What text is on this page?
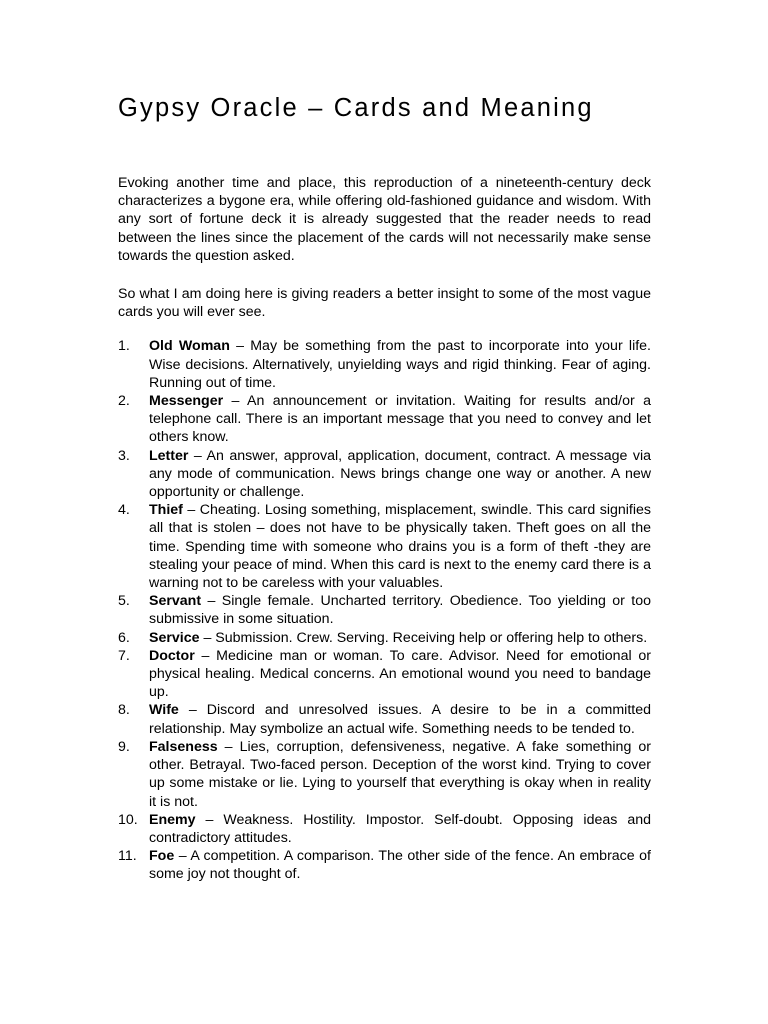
Gypsy Oracle – Cards and Meaning

Evoking another time and place, this reproduction of a nineteenth-century deck characterizes a bygone era, while offering old-fashioned guidance and wisdom. With any sort of fortune deck it is already suggested that the reader needs to read between the lines since the placement of the cards will not necessarily make sense towards the question asked.

So what I am doing here is giving readers a better insight to some of the most vague cards you will ever see.

1. Old Woman – May be something from the past to incorporate into your life. Wise decisions. Alternatively, unyielding ways and rigid thinking. Fear of aging. Running out of time.
2. Messenger – An announcement or invitation. Waiting for results and/or a telephone call. There is an important message that you need to convey and let others know.
3. Letter – An answer, approval, application, document, contract. A message via any mode of communication. News brings change one way or another. A new opportunity or challenge.
4. Thief – Cheating. Losing something, misplacement, swindle. This card signifies all that is stolen – does not have to be physically taken. Theft goes on all the time. Spending time with someone who drains you is a form of theft -they are stealing your peace of mind. When this card is next to the enemy card there is a warning not to be careless with your valuables.
5. Servant – Single female. Uncharted territory. Obedience. Too yielding or too submissive in some situation.
6. Service – Submission. Crew. Serving. Receiving help or offering help to others.
7. Doctor – Medicine man or woman. To care. Advisor. Need for emotional or physical healing. Medical concerns. An emotional wound you need to bandage up.
8. Wife – Discord and unresolved issues. A desire to be in a committed relationship. May symbolize an actual wife. Something needs to be tended to.
9. Falseness – Lies, corruption, defensiveness, negative. A fake something or other. Betrayal. Two-faced person. Deception of the worst kind. Trying to cover up some mistake or lie. Lying to yourself that everything is okay when in reality it is not.
10. Enemy – Weakness. Hostility. Impostor. Self-doubt. Opposing ideas and contradictory attitudes.
11. Foe – A competition. A comparison. The other side of the fence. An embrace of some joy not thought of.
